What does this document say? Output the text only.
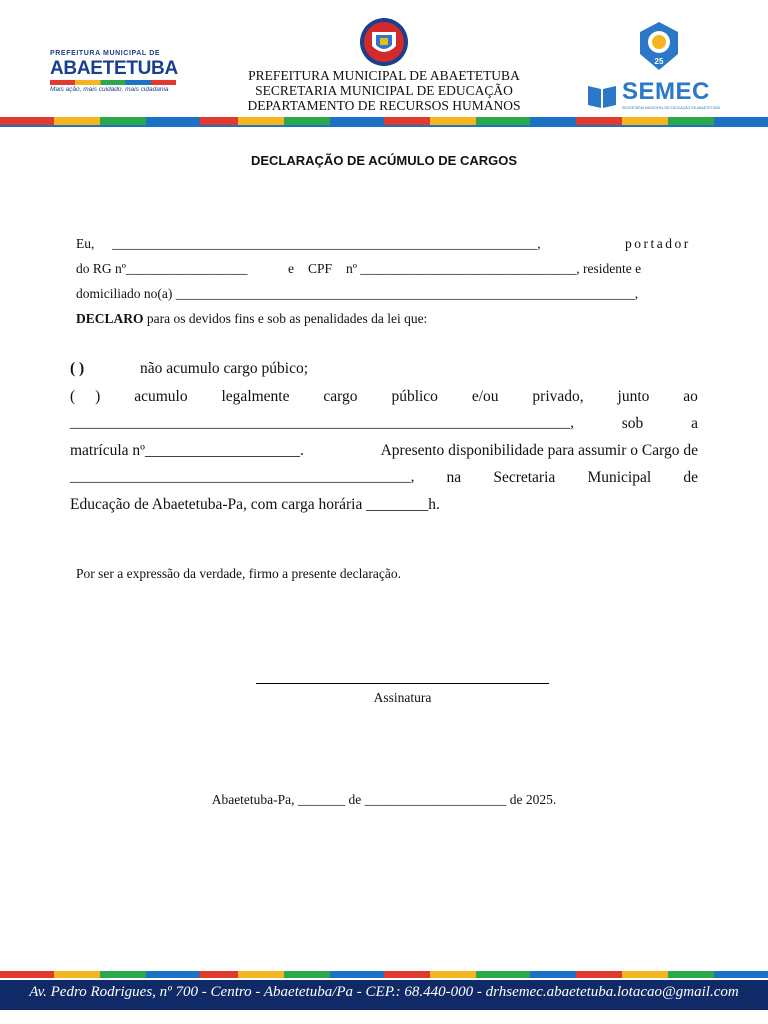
PREFEITURA MUNICIPAL DE
ABAETETUBA
Mais ação, mais cuidado, mais cidadania
PREFEITURA MUNICIPAL DE ABAETETUBA
SECRETARIA MUNICIPAL DE EDUCAÇÃO
DEPARTAMENTO DE RECURSOS HUMANOS
25
SEMEC
SECRETARIA MUNICIPAL DE EDUCAÇÃO DE ABAETETUBA
DECLARAÇÃO DE ACÚMULO DE CARGOS
Eu, _______________________________________________________________,	portador
do RG nº__________________	e CPF nº ________________________________, residente e
domiciliado no(a) ____________________________________________________________________,
DECLARO para os devidos fins e sob as penalidades da lei que:
( )	não acumulo cargo púbico;
( ) acumulo legalmente cargo público e/ou privado, junto ao
_____________________________________________________________________,	sob	a
matrícula nº____________________.	Apresento disponibilidade para assumir o Cargo de
_______________________________________________, na Secretaria Municipal de
Educação de Abaetetuba-Pa, com carga horária ________h.
Por ser a expressão da verdade, firmo a presente declaração.
Assinatura
Abaetetuba-Pa, _______ de _____________________ de 2025.
Av. Pedro Rodrigues, nº 700 - Centro - Abaetetuba/Pa - CEP.: 68.440-000 - drhsemec.abaetetuba.lotacao@gmail.com
